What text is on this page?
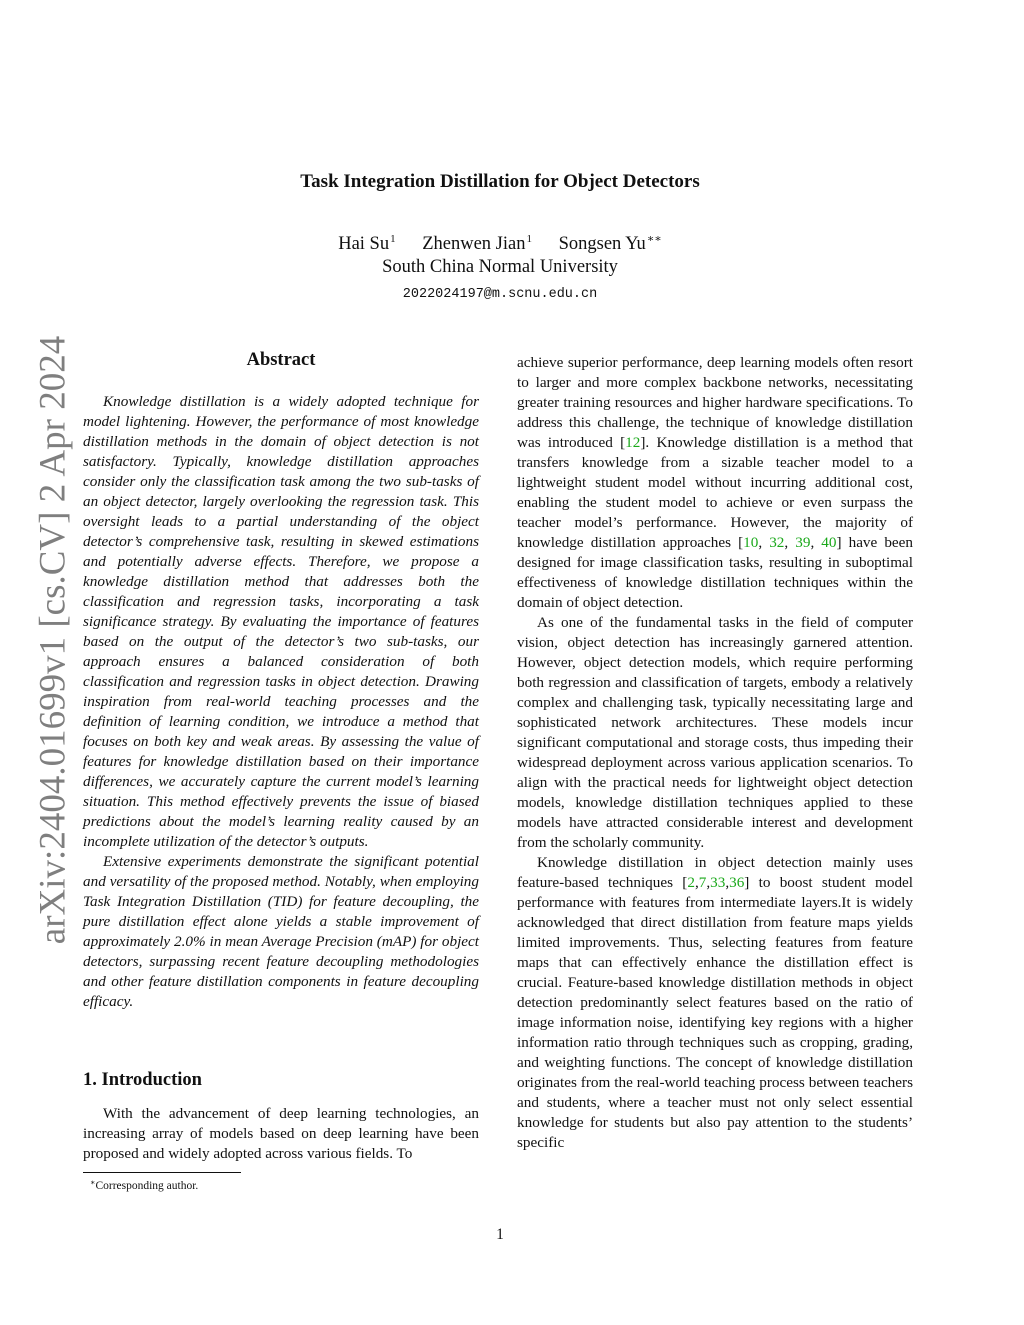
Task Integration Distillation for Object Detectors
Hai Su$^1$ Zhenwen Jian$^1$ Songsen Yu∗∗
South China Normal University
2022024197@m.scnu.edu.cn
arXiv:2404.01699v1 [cs.CV] 2 Apr 2024	Abstract

Knowledge distillation is a widely adopted technique for model lightening. However, the performance of most knowledge distillation methods in the domain of object detection is not satisfactory. Typically, knowledge distillation approaches consider only the classification task among the two sub-tasks of an object detector, largely overlooking the regression task. This oversight leads to a partial understanding of the object detector’s comprehensive task, resulting in skewed estimations and potentially adverse effects. Therefore, we propose a knowledge distillation method that addresses both the classification and regression tasks, incorporating a task significance strategy. By evaluating the importance of features based on the output of the detector’s two sub-tasks, our approach ensures a balanced consideration of both classification and regression tasks in object detection. Drawing inspiration from real-world teaching processes and the definition of learning condition, we introduce a method that focuses on both key and weak areas. By assessing the value of features for knowledge distillation based on their importance differences, we accurately capture the current model’s learning situation. This method effectively prevents the issue of biased predictions about the model’s learning reality caused by an incomplete utilization of the detector’s outputs.

Extensive experiments demonstrate the significant potential and versatility of the proposed method. Notably, when employing Task Integration Distillation (TID) for feature decoupling, the pure distillation effect alone yields a stable improvement of approximately 2.0% in mean Average Precision (mAP) for object detectors, surpassing recent feature decoupling methodologies and other feature distillation components in feature decoupling efficacy.

1. Introduction

With the advancement of deep learning technologies, an increasing array of models based on deep learning have been proposed and widely adopted across various fields. To

achieve superior performance, deep learning models often resort to larger and more complex backbone networks, necessitating greater training resources and higher hardware specifications. To address this challenge, the technique of knowledge distillation was introduced [12]. Knowledge distillation is a method that transfers knowledge from a sizable teacher model to a lightweight student model without incurring additional cost, enabling the student model to achieve or even surpass the teacher model’s performance. However, the majority of knowledge distillation approaches [10, 32, 39, 40] have been designed for image classification tasks, resulting in suboptimal effectiveness of knowledge distillation techniques within the domain of object detection.

As one of the fundamental tasks in the field of computer vision, object detection has increasingly garnered attention. However, object detection models, which require performing both regression and classification of targets, embody a relatively complex and challenging task, typically necessitating large and sophisticated network architectures. These models incur significant computational and storage costs, thus impeding their widespread deployment across various application scenarios. To align with the practical needs for lightweight object detection models, knowledge distillation techniques applied to these models have attracted considerable interest and development from the scholarly community.

Knowledge distillation in object detection mainly uses feature-based techniques [2,7,33,36] to boost student model performance with features from intermediate layers.It is widely acknowledged that direct distillation from feature maps yields limited improvements. Thus, selecting features from feature maps that can effectively enhance the distillation effect is crucial. Feature-based knowledge distillation methods in object detection predominantly select features based on the ratio of image information noise, identifying key regions with a higher information ratio through techniques such as cropping, grading, and weighting functions. The concept of knowledge distillation originates from the real-world teaching process between teachers and students, where a teacher must not only select essential knowledge for students but also pay attention to the students’ specific

∗Corresponding author.
1
